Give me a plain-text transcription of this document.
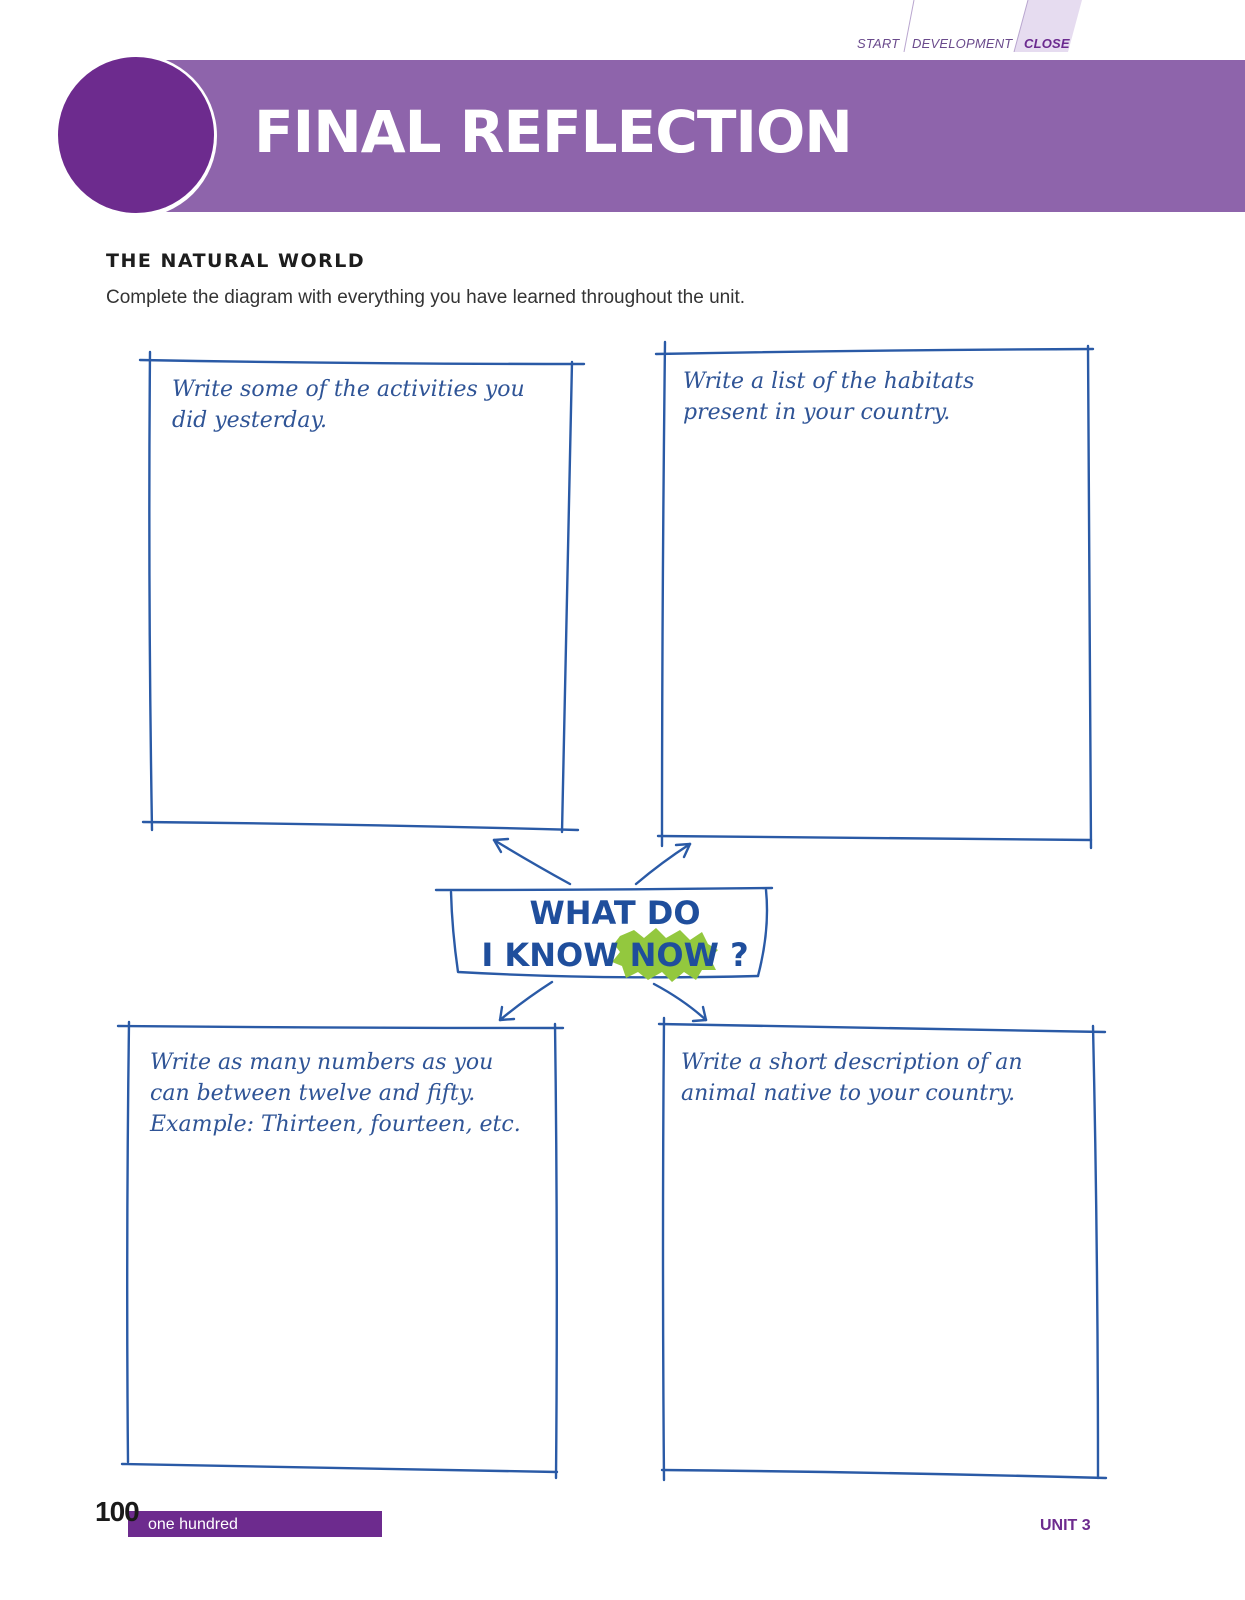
START DEVELOPMENT CLOSE
FINAL REFLECTION
THE NATURAL WORLD
Complete the diagram with everything you have learned throughout the unit.
Write some of the activities you
did yesterday.
Write a list of the habitats
present in your country.
Write as many numbers as you
can between twelve and fifty.
Example: Thirteen, fourteen, etc.
Write a short description of an
animal native to your country.
WHAT DO
I KNOW NOW ?
100 one hundred	UNIT 3
